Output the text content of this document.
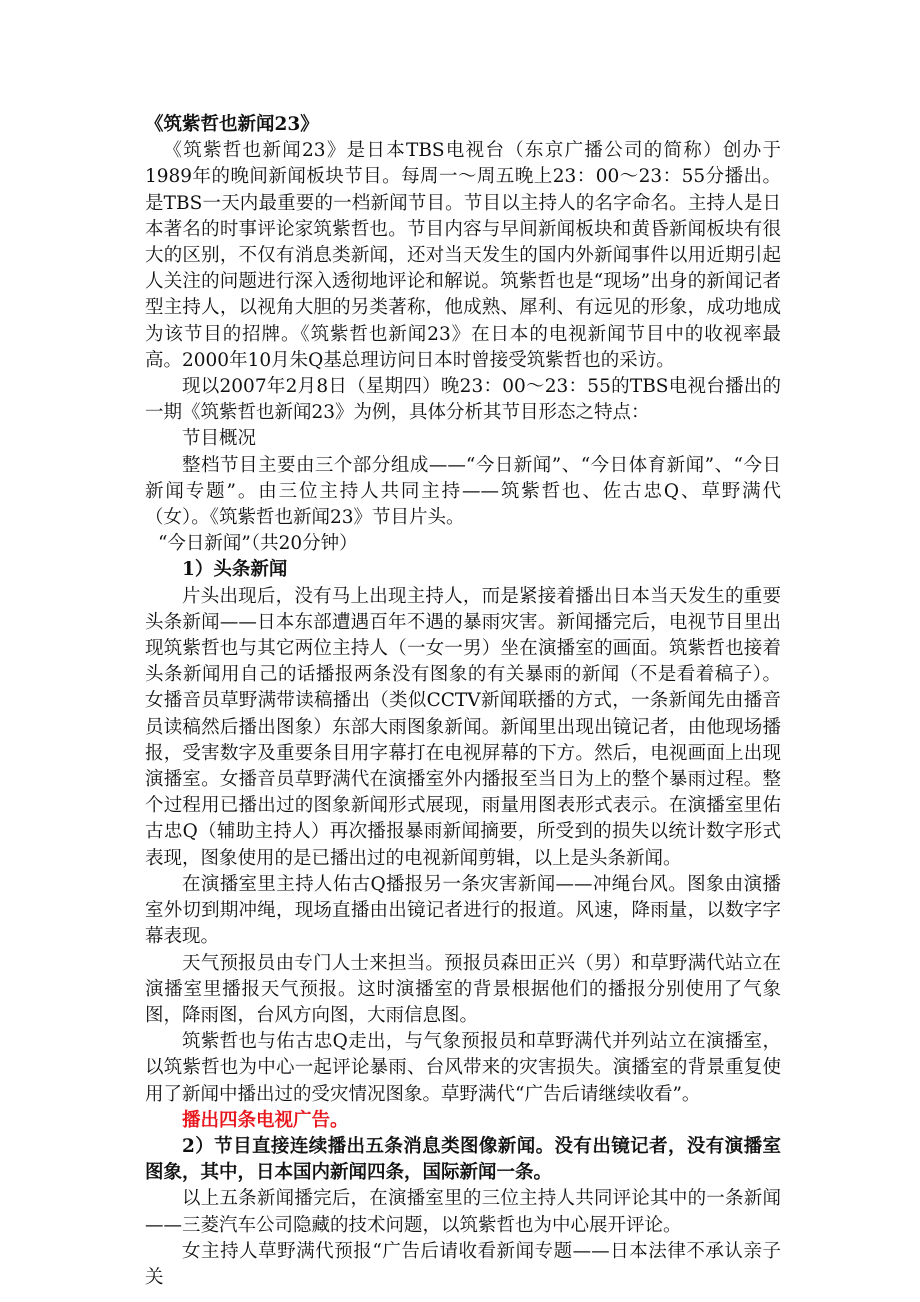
《筑紫哲也新闻23》

《筑紫哲也新闻23》是日本TBS电视台（东京广播公司的简称）创办于1989年的晚间新闻板块节目。每周一～周五晚上23：00～23：55分播出。是TBS一天内最重要的一档新闻节目。节目以主持人的名字命名。主持人是日本著名的时事评论家筑紫哲也。节目内容与早间新闻板块和黄昏新闻板块有很大的区别，不仅有消息类新闻，还对当天发生的国内外新闻事件以用近期引起人关注的问题进行深入透彻地评论和解说。筑紫哲也是“现场”出身的新闻记者型主持人，以视角大胆的另类著称，他成熟、犀利、有远见的形象，成功地成为该节目的招牌。《筑紫哲也新闻23》在日本的电视新闻节目中的收视率最高。2000年10月朱Q基总理访问日本时曾接受筑紫哲也的采访。

现以2007年2月8日（星期四）晚23：00～23：55的TBS电视台播出的一期《筑紫哲也新闻23》为例，具体分析其节目形态之特点：

节目概况

整档节目主要由三个部分组成——“今日新闻”、“今日体育新闻”、“今日新闻专题”。由三位主持人共同主持——筑紫哲也、佐古忠Q、草野满代（女）。《筑紫哲也新闻23》节目片头。

“今日新闻”（共20分钟）

1）头条新闻

片头出现后，没有马上出现主持人，而是紧接着播出日本当天发生的重要头条新闻——日本东部遭遇百年不遇的暴雨灾害。新闻播完后，电视节目里出现筑紫哲也与其它两位主持人（一女一男）坐在演播室的画面。筑紫哲也接着头条新闻用自己的话播报两条没有图象的有关暴雨的新闻（不是看着稿子）。女播音员草野满带读稿播出（类似CCTV新闻联播的方式，一条新闻先由播音员读稿然后播出图象）东部大雨图象新闻。新闻里出现出镜记者，由他现场播报，受害数字及重要条目用字幕打在电视屏幕的下方。然后，电视画面上出现演播室。女播音员草野满代在演播室外内播报至当日为上的整个暴雨过程。整个过程用已播出过的图象新闻形式展现，雨量用图表形式表示。在演播室里佑古忠Q（辅助主持人）再次播报暴雨新闻摘要，所受到的损失以统计数字形式表现，图象使用的是已播出过的电视新闻剪辑，以上是头条新闻。

在演播室里主持人佑古Q播报另一条灾害新闻——冲绳台风。图象由演播室外切到期冲绳，现场直播由出镜记者进行的报道。风速，降雨量，以数字字幕表现。

天气预报员由专门人士来担当。预报员森田正兴（男）和草野满代站立在演播室里播报天气预报。这时演播室的背景根据他们的播报分别使用了气象图，降雨图，台风方向图，大雨信息图。

筑紫哲也与佑古忠Q走出，与气象预报员和草野满代并列站立在演播室，以筑紫哲也为中心一起评论暴雨、台风带来的灾害损失。演播室的背景重复使用了新闻中播出过的受灾情况图象。草野满代“广告后请继续收看”。

播出四条电视广告。

2）节目直接连续播出五条消息类图像新闻。没有出镜记者，没有演播室图象，其中，日本国内新闻四条，国际新闻一条。

以上五条新闻播完后，在演播室里的三位主持人共同评论其中的一条新闻——三菱汽车公司隐藏的技术问题，以筑紫哲也为中心展开评论。

女主持人草野满代预报“广告后请收看新闻专题——日本法律不承认亲子关
